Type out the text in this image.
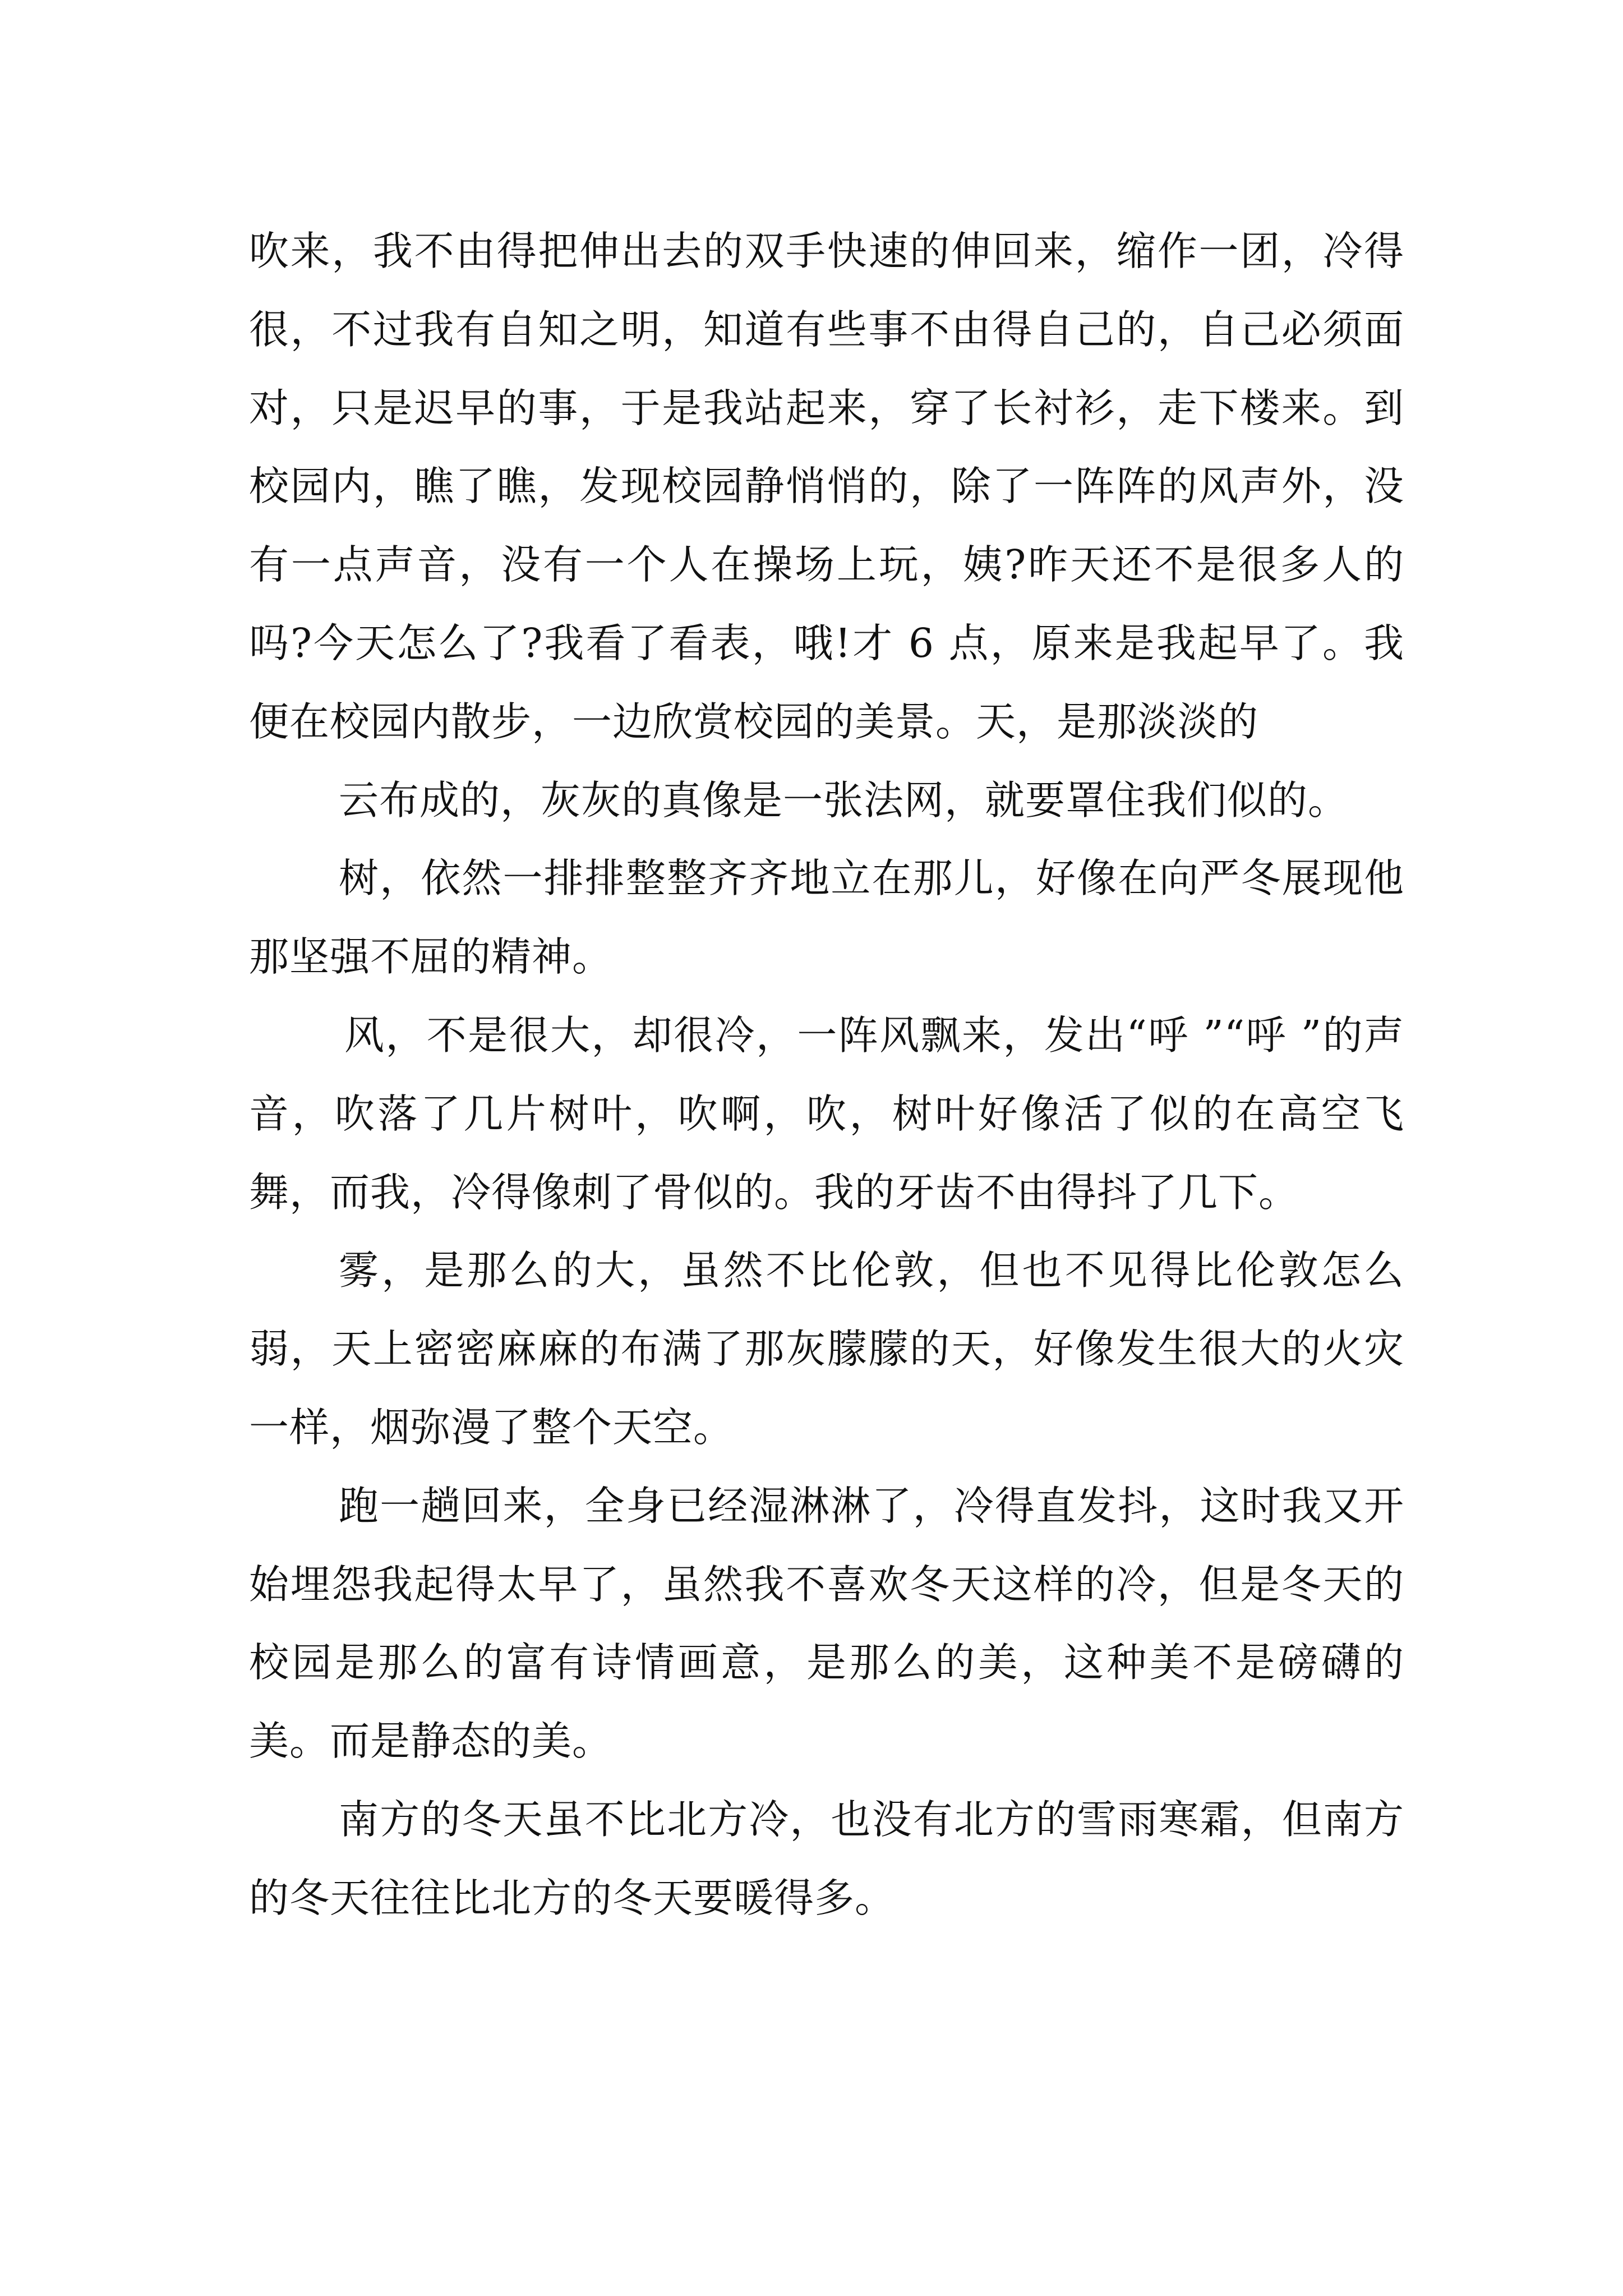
吹来，我不由得把伸出去的双手快速的伸回来，缩作一团，冷得很，不过我有自知之明，知道有些事不由得自己的，自己必须面对，只是迟早的事，于是我站起来，穿了长衬衫，走下楼来。到校园内，瞧了瞧，发现校园静悄悄的，除了一阵阵的风声外，没有一点声音，没有一个人在操场上玩，姨?昨天还不是很多人的吗?今天怎么了?我看了看表，哦!才 6 点，原来是我起早了。我便在校园内散步，一边欣赏校园的美景。天，是那淡淡的

云布成的，灰灰的真像是一张法网，就要罩住我们似的。

树，依然一排排整整齐齐地立在那儿，好像在向严冬展现他那坚强不屈的精神。

风，不是很大，却很冷，一阵风飘来，发出“呼 ”“呼 ”的声音，吹落了几片树叶，吹啊，吹，树叶好像活了似的在高空飞舞，而我，冷得像刺了骨似的。我的牙齿不由得抖了几下。

雾，是那么的大，虽然不比伦敦，但也不见得比伦敦怎么弱，天上密密麻麻的布满了那灰朦朦的天，好像发生很大的火灾一样，烟弥漫了整个天空。

跑一趟回来，全身已经湿淋淋了，冷得直发抖，这时我又开始埋怨我起得太早了，虽然我不喜欢冬天这样的冷，但是冬天的校园是那么的富有诗情画意，是那么的美，这种美不是磅礴的美。而是静态的美。

南方的冬天虽不比北方冷，也没有北方的雪雨寒霜，但南方的冬天往往比北方的冬天要暖得多。
